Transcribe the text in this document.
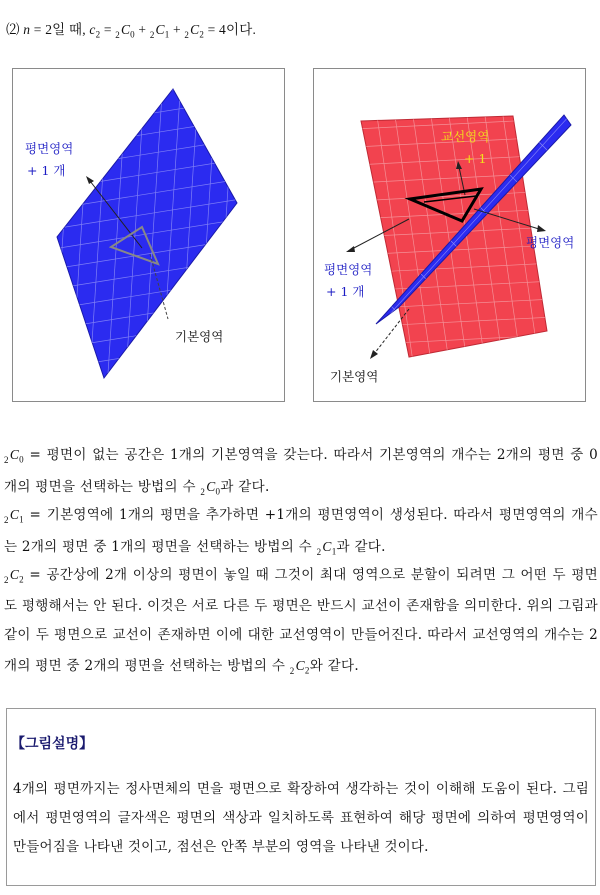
⑵ n = 2일 때, $c_2 = _2C_0 + _2C_1 + _2C_2 = 4$이다.
평면영역
+ 1 개
기본영역
교선영역
+ 1
평면영역
평면영역
+ 1 개
기본영역
$_2C_0$ = 평면이 없는 공간은 1개의 기본영역을 갖는다. 따라서 기본영역의 개수는 2개의 평면 중 0개의 평면을 선택하는 방법의 수 $_2C_0$과 같다.
$_2C_1$ = 기본영역에 1개의 평면을 추가하면 +1개의 평면영역이 생성된다. 따라서 평면영역의 개수는 2개의 평면 중 1개의 평면을 선택하는 방법의 수 $_2C_1$과 같다.
$_2C_2$ = 공간상에 2개 이상의 평면이 놓일 때 그것이 최대 영역으로 분할이 되려면 그 어떤 두 평면도 평행해서는 안 된다. 이것은 서로 다른 두 평면은 반드시 교선이 존재함을 의미한다. 위의 그림과 같이 두 평면으로 교선이 존재하면 이에 대한 교선영역이 만들어진다. 따라서 교선영역의 개수는 2개의 평면 중 2개의 평면을 선택하는 방법의 수 $_2C_2$와 같다.
【그림설명】
4개의 평면까지는 정사면체의 면을 평면으로 확장하여 생각하는 것이 이해해 도움이 된다. 그림에서 평면영역의 글자색은 평면의 색상과 일치하도록 표현하여 해당 평면에 의하여 평면영역이 만들어짐을 나타낸 것이고, 점선은 안쪽 부분의 영역을 나타낸 것이다.
